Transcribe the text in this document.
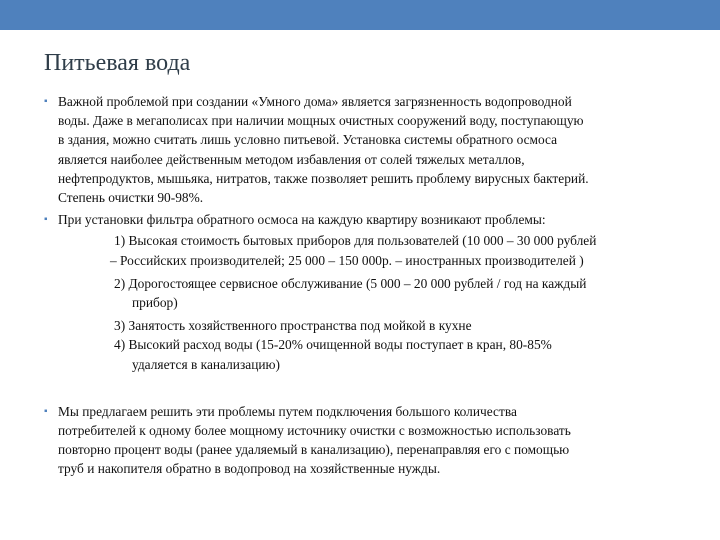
Питьевая вода
▪ Важной проблемой при создании «Умного дома» является загрязненность водопроводной
воды. Даже в мегаполисах при наличии мощных очистных сооружений воду, поступающую
в здания, можно считать лишь условно питьевой. Установка системы обратного осмоса
является наиболее действенным методом избавления от солей тяжелых металлов,
нефтепродуктов, мышьяка, нитратов, также позволяет решить проблему вирусных бактерий.
Степень очистки 90-98%.
▪ При установки фильтра обратного осмоса на каждую квартиру возникают проблемы:
1) Высокая стоимость бытовых приборов для пользователей (10 000 – 30 000 рублей
– Российских производителей; 25 000 – 150 000р. – иностранных производителей )
2) Дорогостоящее сервисное обслуживание (5 000 – 20 000 рублей / год на каждый
прибор)
3) Занятость хозяйственного пространства под мойкой в кухне
4) Высокий расход воды (15-20% очищенной воды поступает в кран, 80-85%
удаляется в канализацию)
▪ Мы предлагаем решить эти проблемы путем подключения большого количества
потребителей к одному более мощному источнику очистки с возможностью использовать
повторно процент воды (ранее удаляемый в канализацию), перенаправляя его с помощью
труб и накопителя обратно в водопровод на хозяйственные нужды.
